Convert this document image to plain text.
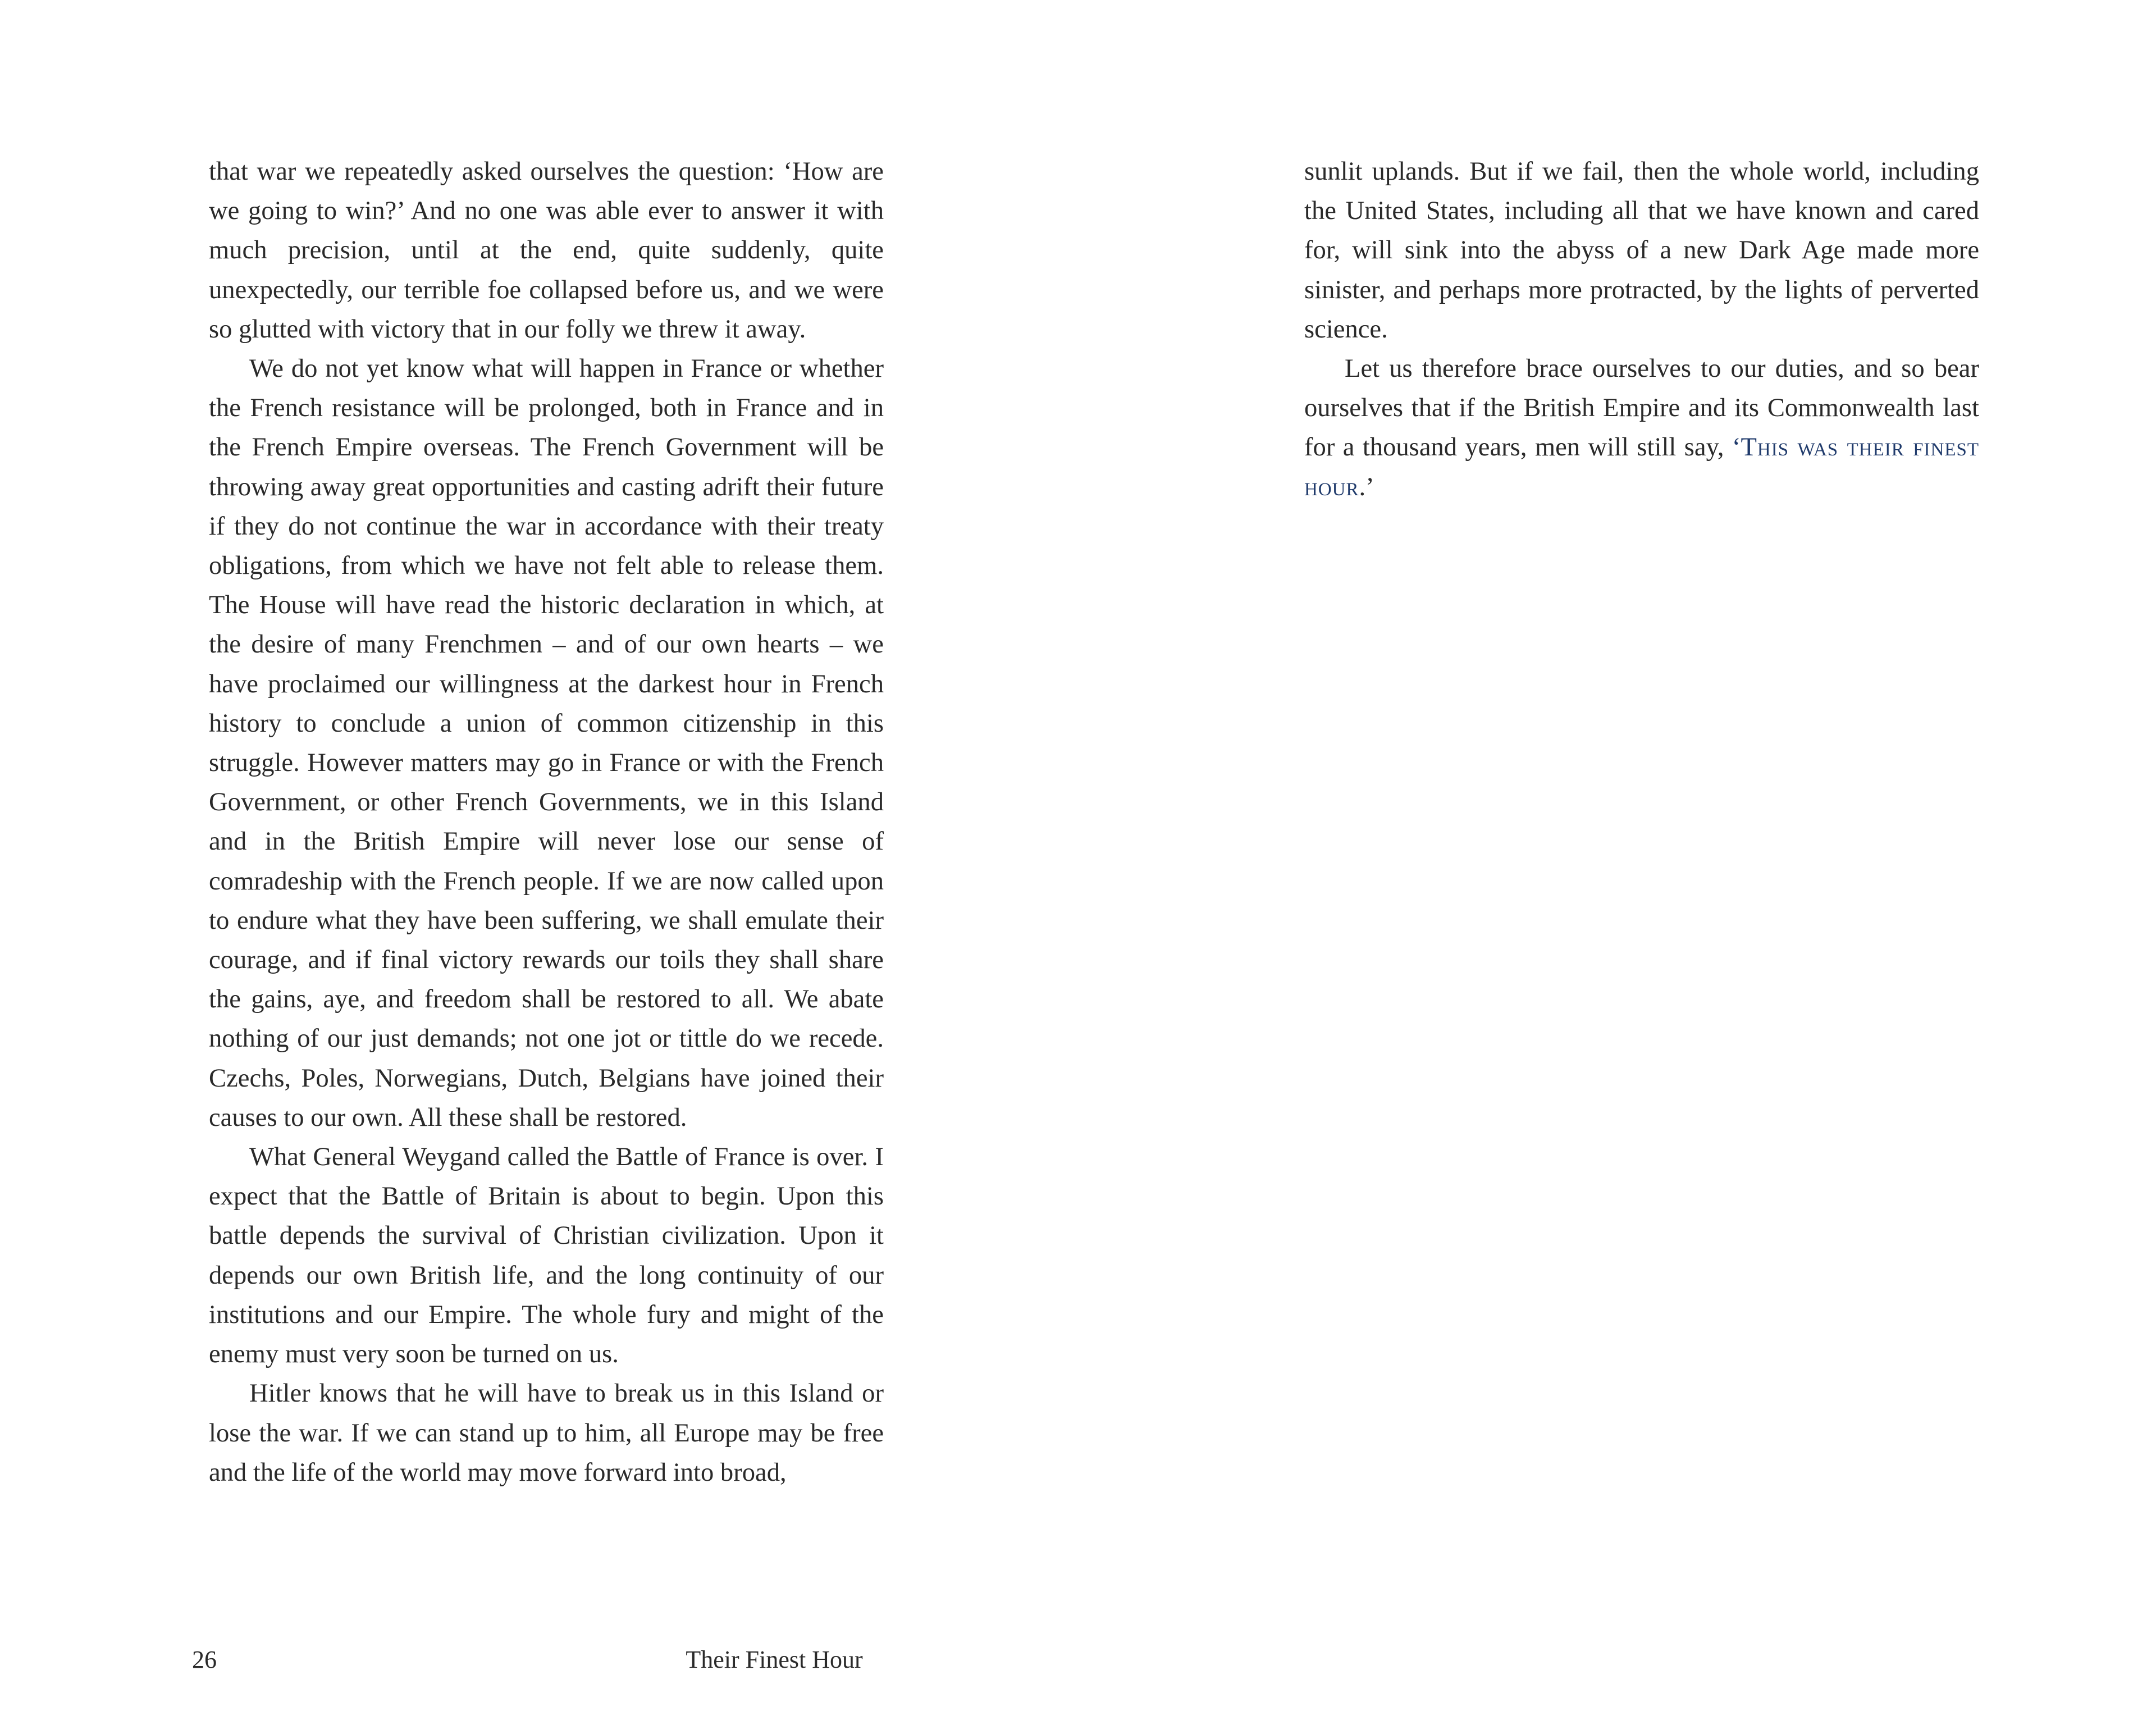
that war we repeatedly asked ourselves the question: ‘How are we going to win?’ And no one was able ever to answer it with much precision, until at the end, quite suddenly, quite unexpectedly, our terrible foe collapsed before us, and we were so glutted with victory that in our folly we threw it away.

We do not yet know what will happen in France or whether the French resistance will be prolonged, both in France and in the French Empire overseas. The French Government will be throwing away great opportunities and casting adrift their future if they do not continue the war in accordance with their treaty obligations, from which we have not felt able to release them. The House will have read the historic declaration in which, at the desire of many Frenchmen – and of our own hearts – we have proclaimed our willingness at the darkest hour in French history to conclude a union of common citizenship in this struggle. However matters may go in France or with the French Government, or other French Governments, we in this Island and in the British Empire will never lose our sense of comradeship with the French people. If we are now called upon to endure what they have been suffering, we shall emulate their courage, and if final victory rewards our toils they shall share the gains, aye, and freedom shall be restored to all. We abate nothing of our just demands; not one jot or tittle do we recede. Czechs, Poles, Norwegians, Dutch, Belgians have joined their causes to our own. All these shall be restored.

What General Weygand called the Battle of France is over. I expect that the Battle of Britain is about to begin. Upon this battle depends the survival of Christian civilization. Upon it depends our own British life, and the long continuity of our institutions and our Empire. The whole fury and might of the enemy must very soon be turned on us.

Hitler knows that he will have to break us in this Island or lose the war. If we can stand up to him, all Europe may be free and the life of the world may move forward into broad,

26	Their Finest Hour

sunlit uplands. But if we fail, then the whole world, including the United States, including all that we have known and cared for, will sink into the abyss of a new Dark Age made more sinister, and perhaps more protracted, by the lights of perverted science.

Let us therefore brace ourselves to our duties, and so bear ourselves that if the British Empire and its Commonwealth last for a thousand years, men will still say, ‘This was their finest hour.’
